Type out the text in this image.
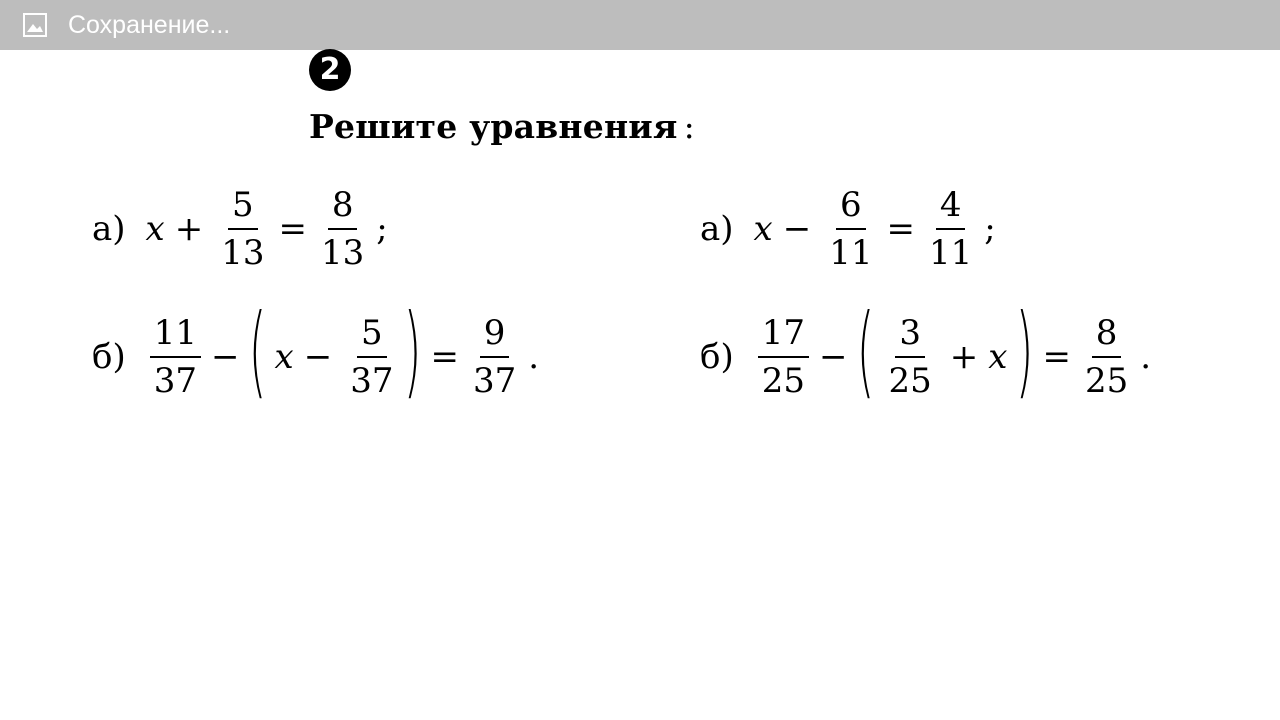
Сохранение...
2
Решите уравнения :
а) $x + \frac{5}{13} = \frac{8}{13}$ ;
$б) \frac{11}{37}$ − ( $x - \frac{5}{37}$ ) = $\frac{9}{37}$ .
а) $x - \frac{6}{11} = \frac{4}{11}$ ;
$б) \frac{17}{25}$ − ( $\frac{3}{25} + x$ ) = $\frac{8}{25}$ .
